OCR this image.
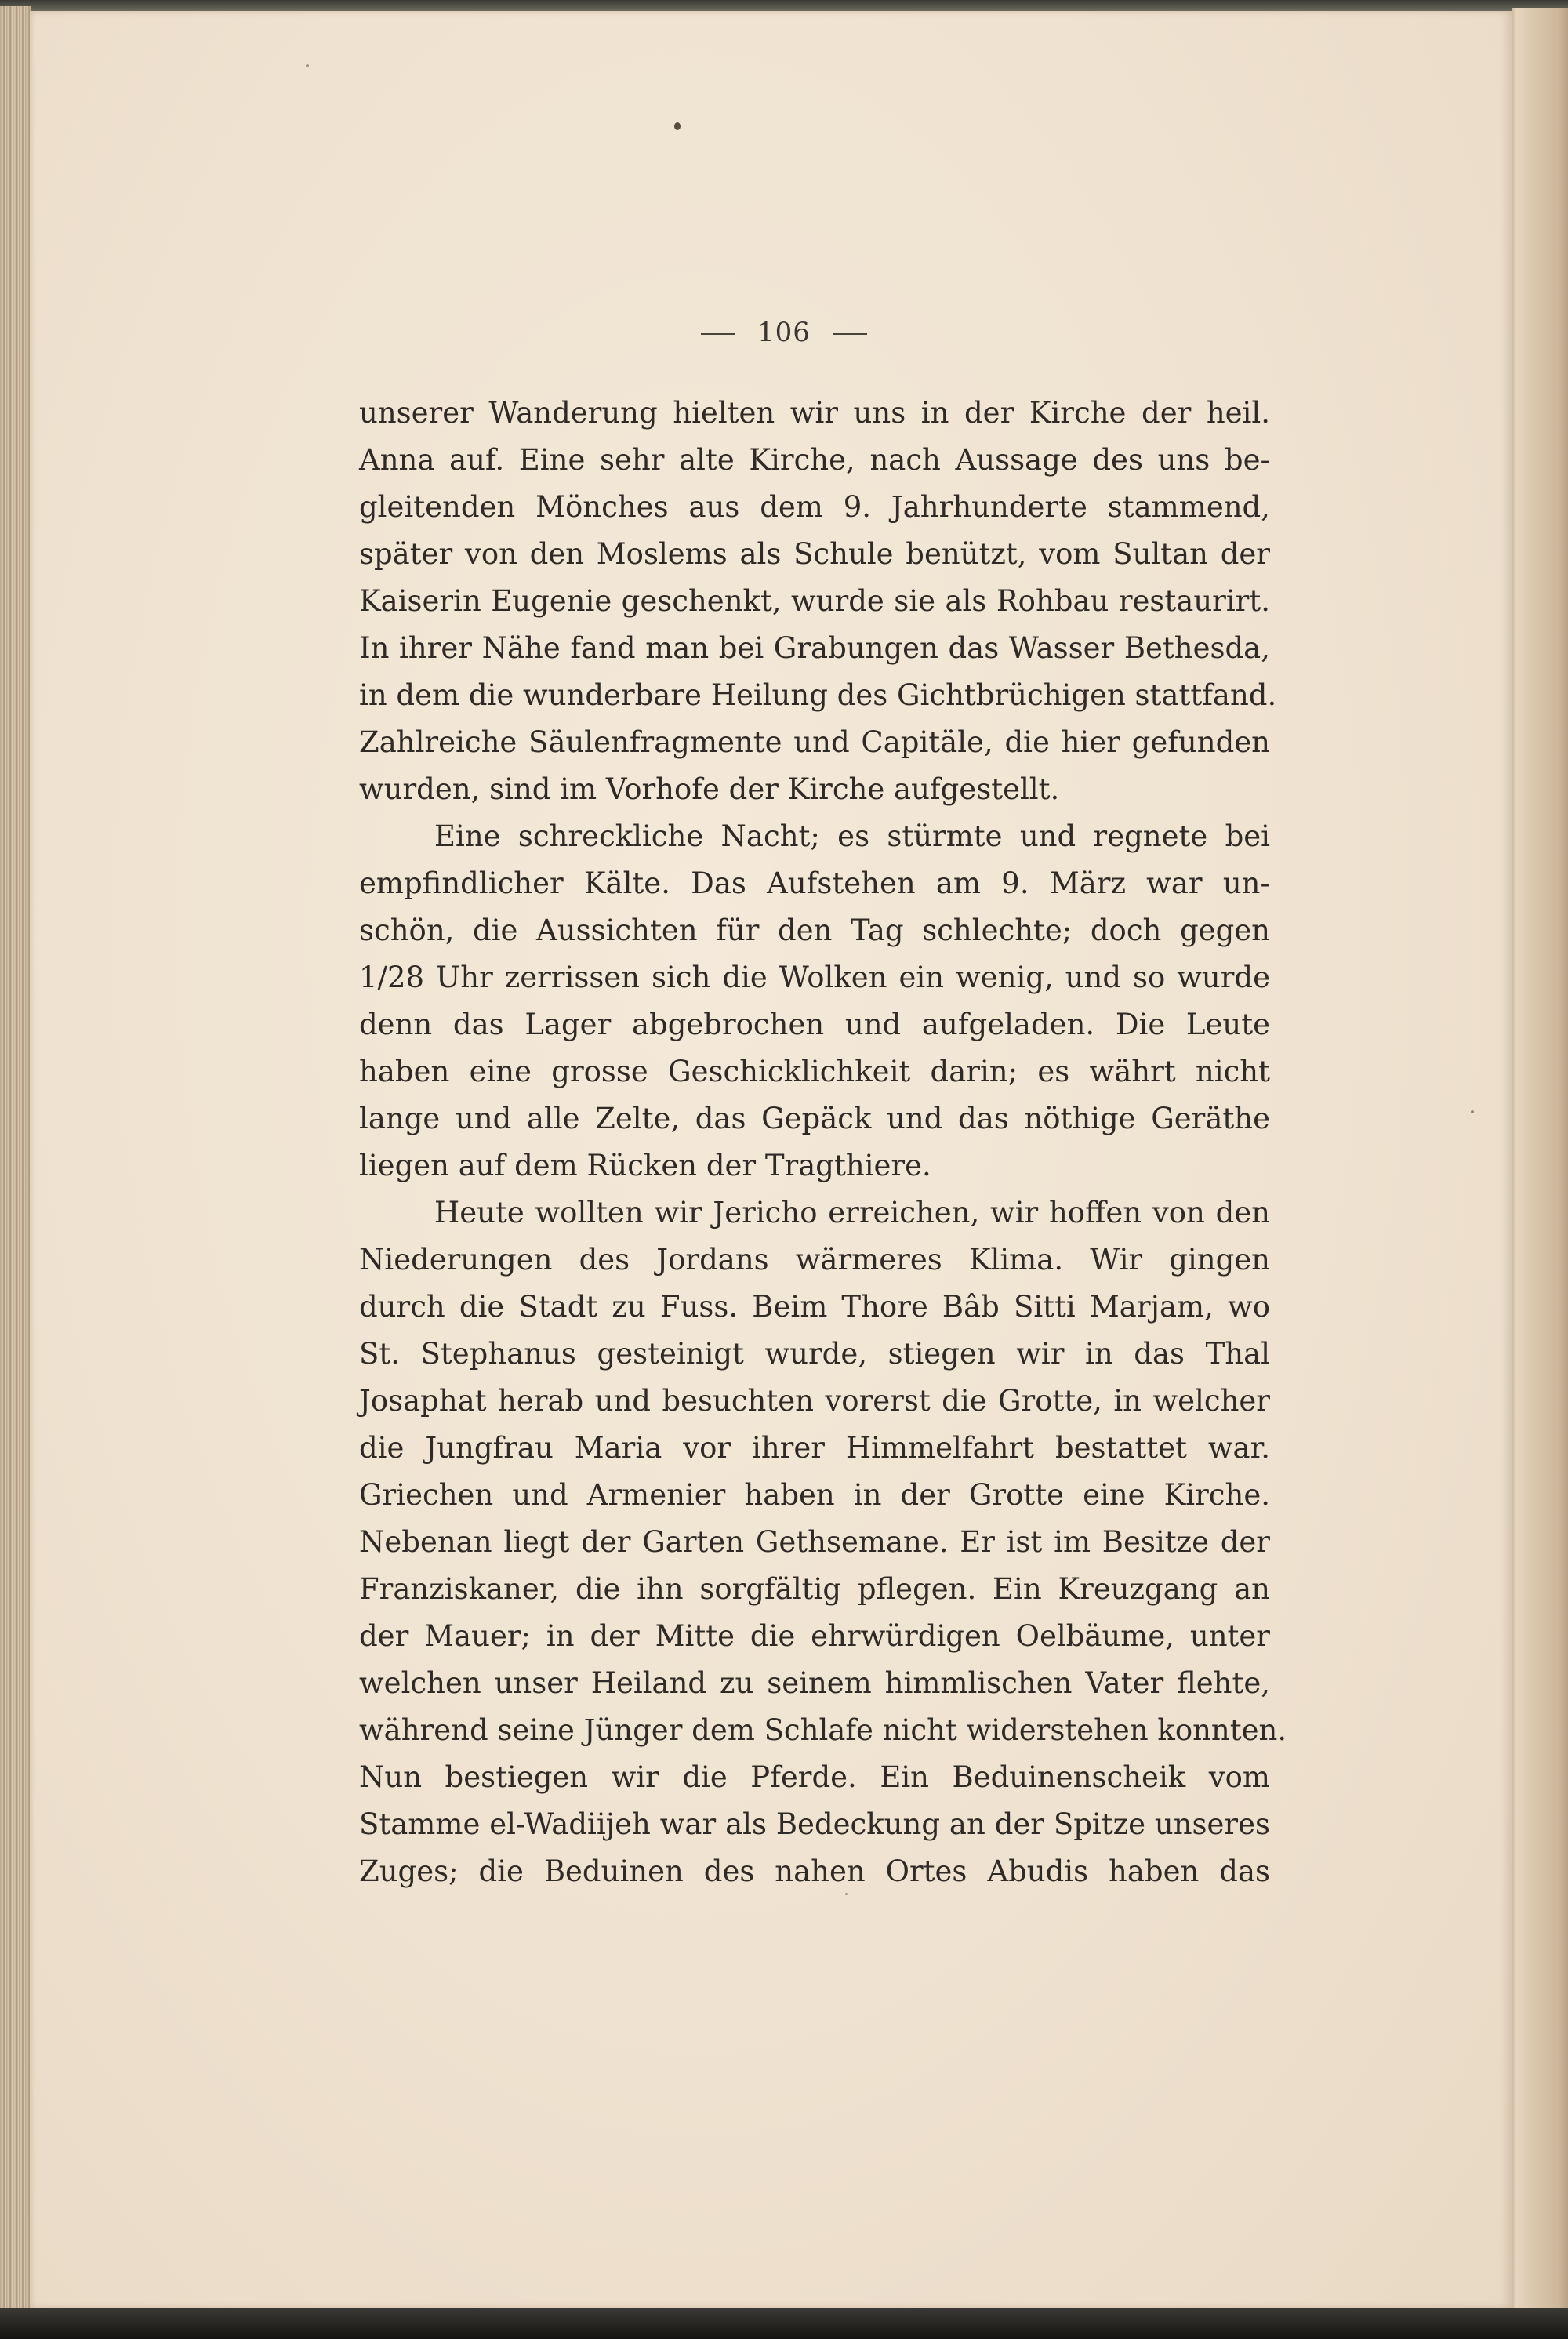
106
unserer Wanderung hielten wir uns in der Kirche der heil.
Anna auf. Eine sehr alte Kirche, nach Aussage des uns be-
gleitenden Mönches aus dem 9. Jahrhunderte stammend,
später von den Moslems als Schule benützt, vom Sultan der
Kaiserin Eugenie geschenkt, wurde sie als Rohbau restaurirt.
In ihrer Nähe fand man bei Grabungen das Wasser Bethesda,
in dem die wunderbare Heilung des Gichtbrüchigen stattfand.
Zahlreiche Säulenfragmente und Capitäle, die hier gefunden
wurden, sind im Vorhofe der Kirche aufgestellt.
Eine schreckliche Nacht; es stürmte und regnete bei
empfindlicher Kälte. Das Aufstehen am 9. März war un-
schön, die Aussichten für den Tag schlechte; doch gegen
1/28 Uhr zerrissen sich die Wolken ein wenig, und so wurde
denn das Lager abgebrochen und aufgeladen. Die Leute
haben eine grosse Geschicklichkeit darin; es währt nicht
lange und alle Zelte, das Gepäck und das nöthige Geräthe
liegen auf dem Rücken der Tragthiere.
Heute wollten wir Jericho erreichen, wir hoffen von den
Niederungen des Jordans wärmeres Klima. Wir gingen
durch die Stadt zu Fuss. Beim Thore Bâb Sitti Marjam, wo
St. Stephanus gesteinigt wurde, stiegen wir in das Thal
Josaphat herab und besuchten vorerst die Grotte, in welcher
die Jungfrau Maria vor ihrer Himmelfahrt bestattet war.
Griechen und Armenier haben in der Grotte eine Kirche.
Nebenan liegt der Garten Gethsemane. Er ist im Besitze der
Franziskaner, die ihn sorgfältig pflegen. Ein Kreuzgang an
der Mauer; in der Mitte die ehrwürdigen Oelbäume, unter
welchen unser Heiland zu seinem himmlischen Vater flehte,
während seine Jünger dem Schlafe nicht widerstehen konnten.
Nun bestiegen wir die Pferde. Ein Beduinenscheik vom
Stamme el-Wadiijeh war als Bedeckung an der Spitze unseres
Zuges; die Beduinen des nahen Ortes Abudis haben das
